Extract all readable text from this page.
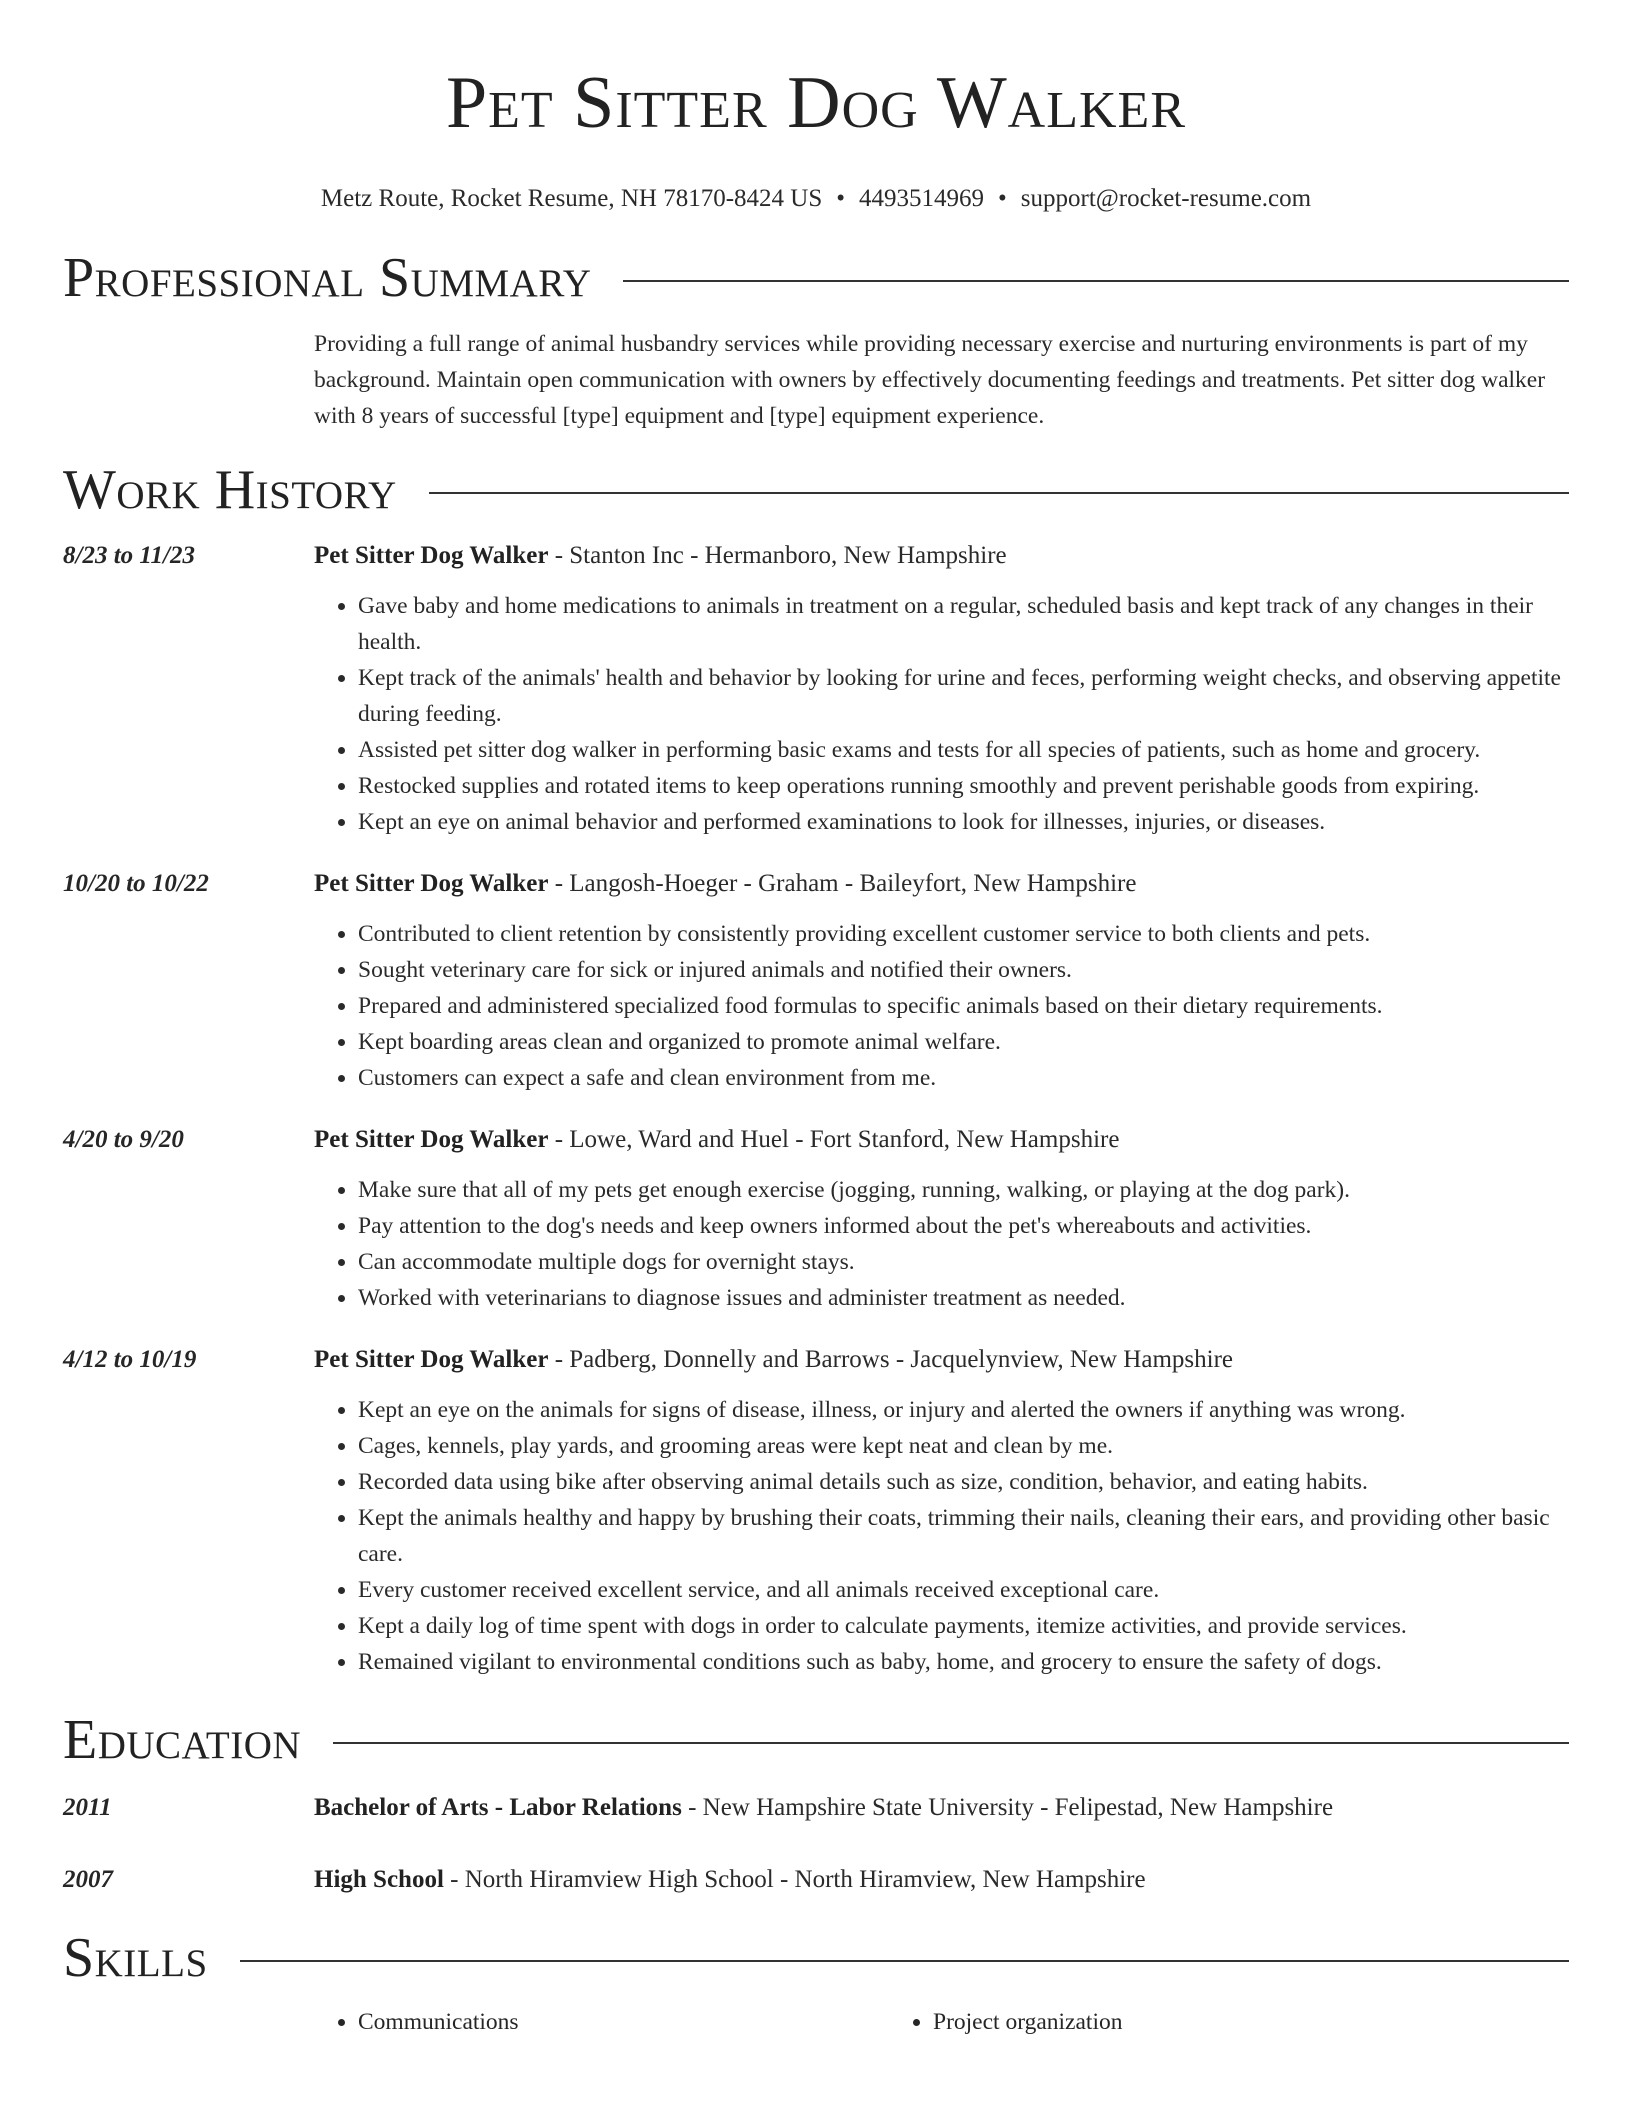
Pet Sitter Dog Walker
Metz Route, Rocket Resume, NH 78170-8424 US • 4493514969 • support@rocket-resume.com
Professional Summary
Providing a full range of animal husbandry services while providing necessary exercise and nurturing environments is part of my background. Maintain open communication with owners by effectively documenting feedings and treatments. Pet sitter dog walker with 8 years of successful [type] equipment and [type] equipment experience.
Work History
8/23 to 11/23	Pet Sitter Dog Walker - Stanton Inc - Hermanboro, New Hampshire
• Gave baby and home medications to animals in treatment on a regular, scheduled basis and kept track of any changes in their health.
• Kept track of the animals' health and behavior by looking for urine and feces, performing weight checks, and observing appetite during feeding.
• Assisted pet sitter dog walker in performing basic exams and tests for all species of patients, such as home and grocery.
• Restocked supplies and rotated items to keep operations running smoothly and prevent perishable goods from expiring.
• Kept an eye on animal behavior and performed examinations to look for illnesses, injuries, or diseases.
10/20 to 10/22	Pet Sitter Dog Walker - Langosh-Hoeger - Graham - Baileyfort, New Hampshire
• Contributed to client retention by consistently providing excellent customer service to both clients and pets.
• Sought veterinary care for sick or injured animals and notified their owners.
• Prepared and administered specialized food formulas to specific animals based on their dietary requirements.
• Kept boarding areas clean and organized to promote animal welfare.
• Customers can expect a safe and clean environment from me.
4/20 to 9/20	Pet Sitter Dog Walker - Lowe, Ward and Huel - Fort Stanford, New Hampshire
• Make sure that all of my pets get enough exercise (jogging, running, walking, or playing at the dog park).
• Pay attention to the dog's needs and keep owners informed about the pet's whereabouts and activities.
• Can accommodate multiple dogs for overnight stays.
• Worked with veterinarians to diagnose issues and administer treatment as needed.
4/12 to 10/19	Pet Sitter Dog Walker - Padberg, Donnelly and Barrows - Jacquelynview, New Hampshire
• Kept an eye on the animals for signs of disease, illness, or injury and alerted the owners if anything was wrong.
• Cages, kennels, play yards, and grooming areas were kept neat and clean by me.
• Recorded data using bike after observing animal details such as size, condition, behavior, and eating habits.
• Kept the animals healthy and happy by brushing their coats, trimming their nails, cleaning their ears, and providing other basic care.
• Every customer received excellent service, and all animals received exceptional care.
• Kept a daily log of time spent with dogs in order to calculate payments, itemize activities, and provide services.
• Remained vigilant to environmental conditions such as baby, home, and grocery to ensure the safety of dogs.
Education
2011	Bachelor of Arts - Labor Relations - New Hampshire State University - Felipestad, New Hampshire
2007	High School - North Hiramview High School - North Hiramview, New Hampshire
Skills
• Communications
•	Project organization
